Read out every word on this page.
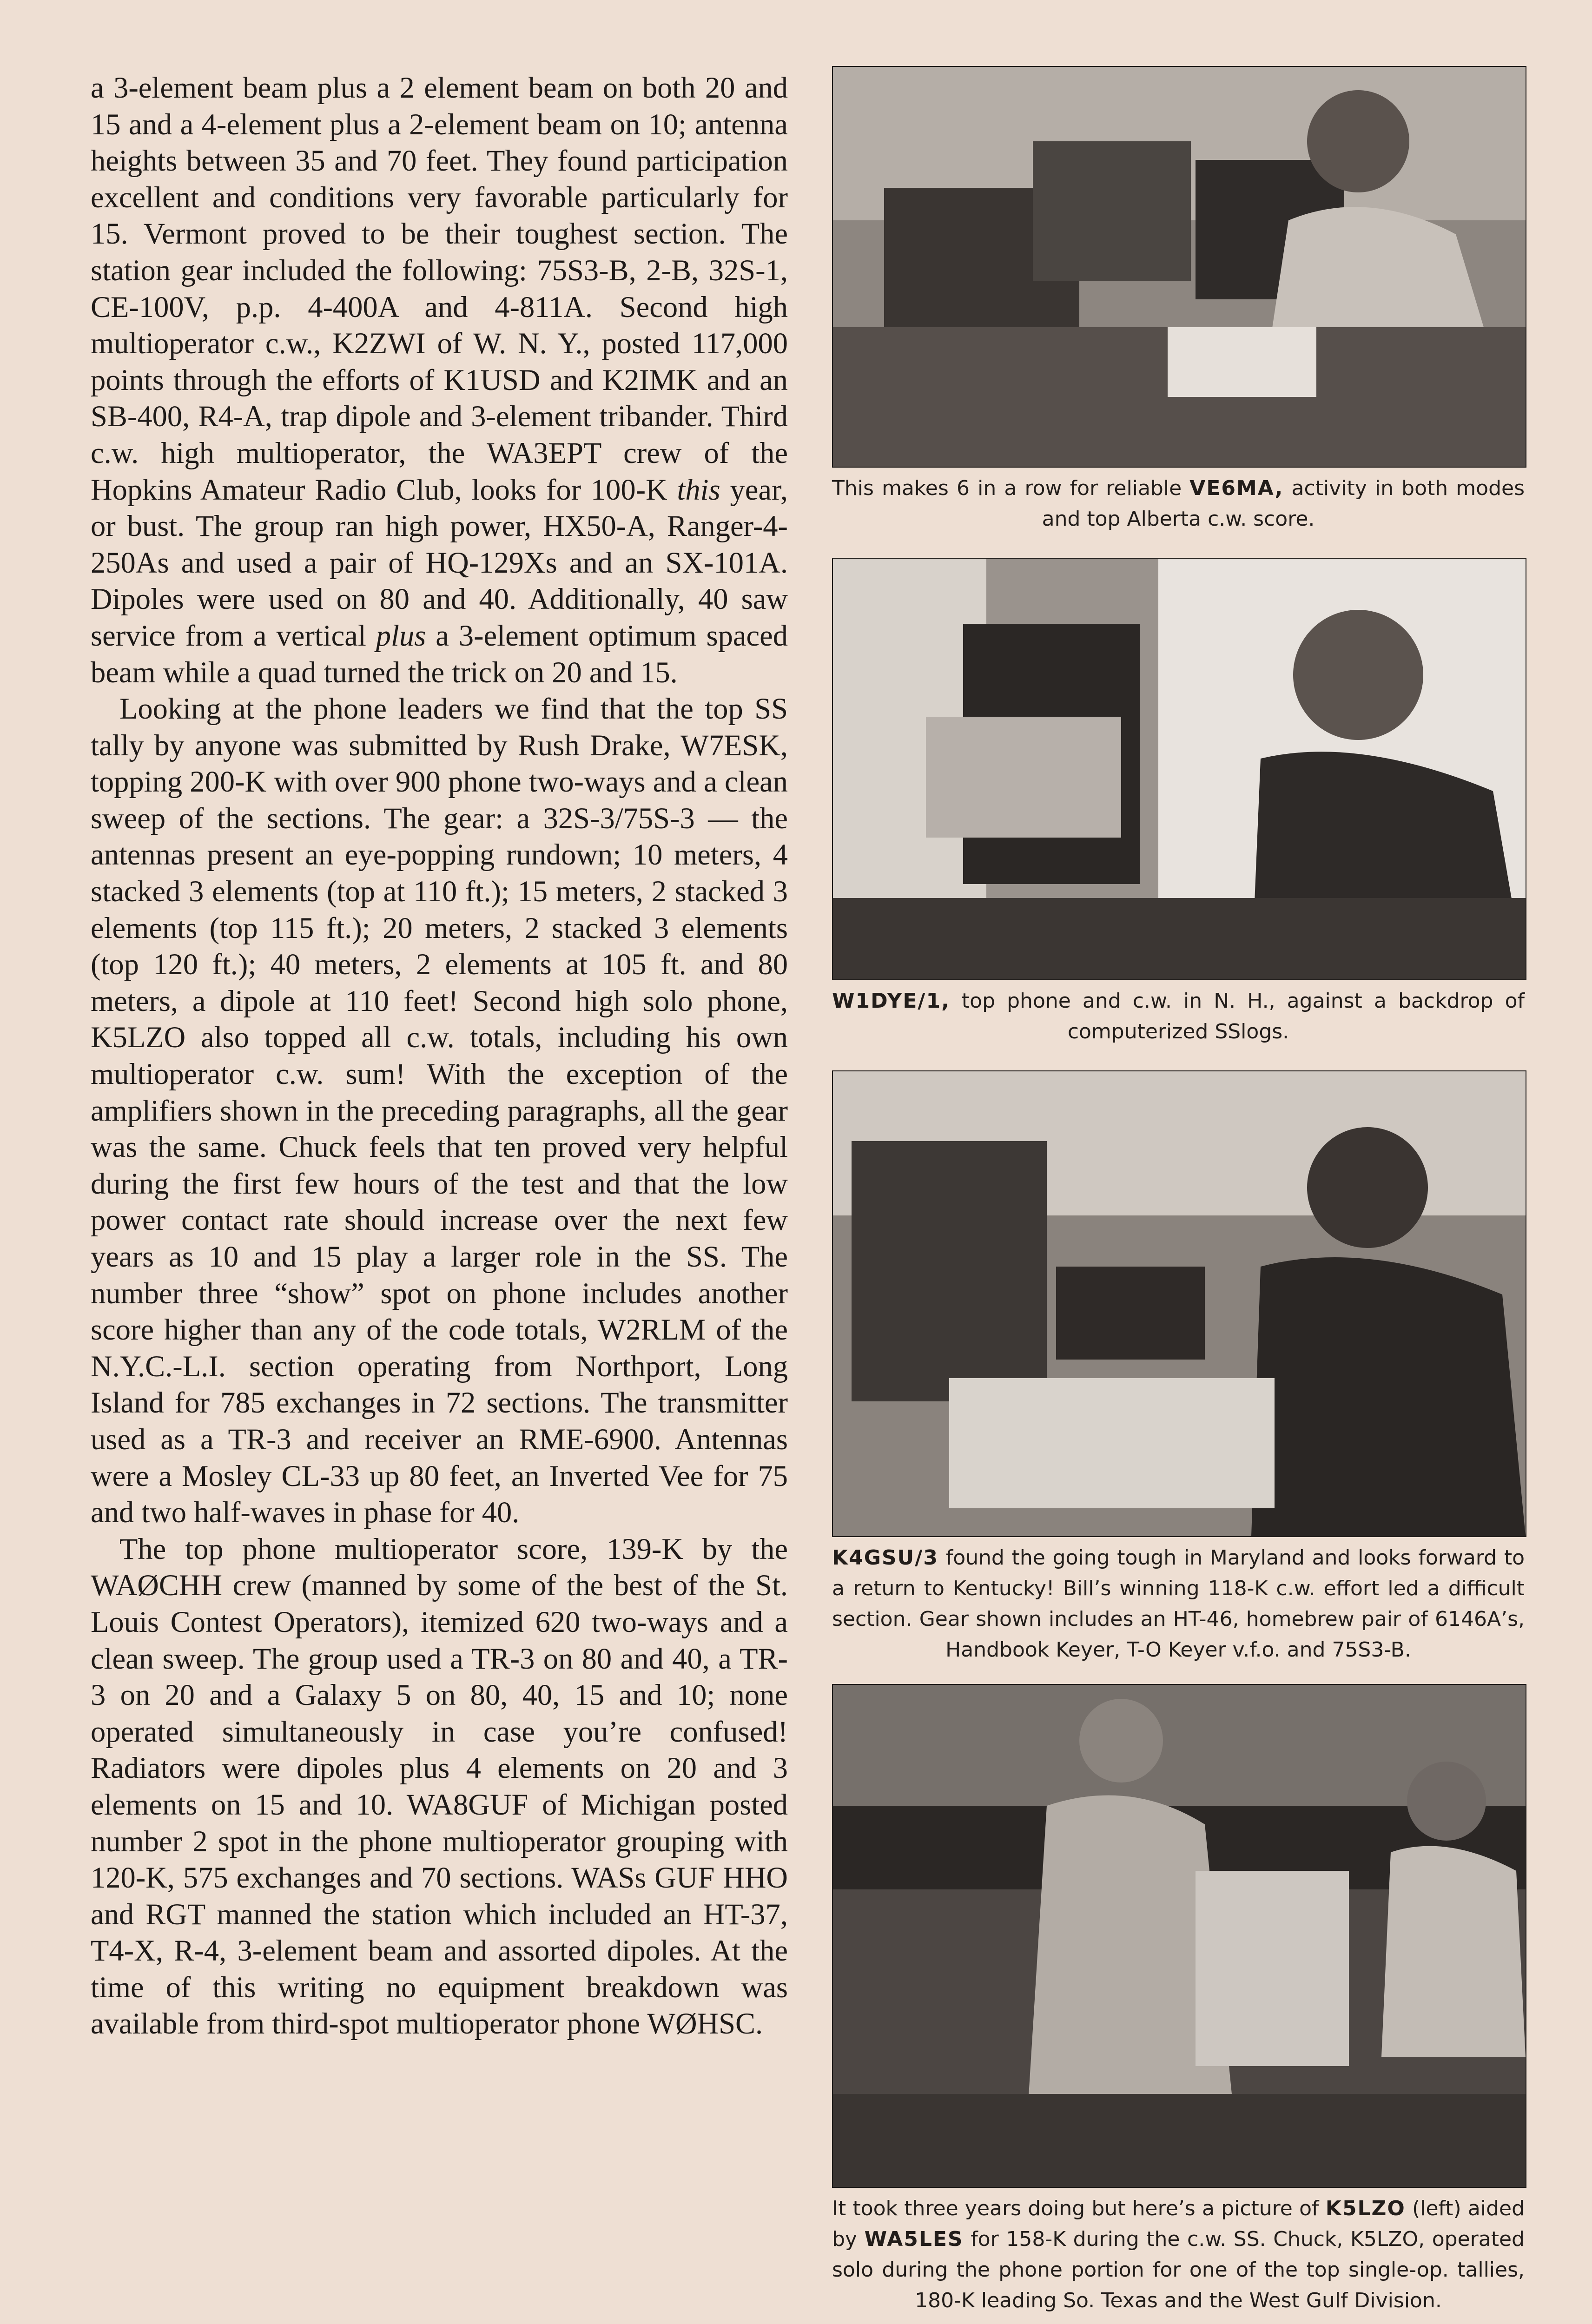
a 3-element beam plus a 2 element beam on both 20 and 15 and a 4-element plus a 2-element beam on 10; antenna heights between 35 and 70 feet. They found participation excellent and conditions very favorable particularly for 15. Vermont proved to be their toughest section. The station gear included the following: 75S3-B, 2-B, 32S-1, CE-100V, p.p. 4-400A and 4-811A. Second high multioperator c.w., K2ZWI of W. N. Y., posted 117,000 points through the efforts of K1USD and K2IMK and an SB-400, R4-A, trap dipole and 3-element tribander. Third c.w. high multioperator, the WA3EPT crew of the Hopkins Amateur Radio Club, looks for 100-K this year, or bust. The group ran high power, HX50-A, Ranger-4-250As and used a pair of HQ-129Xs and an SX-101A. Dipoles were used on 80 and 40. Additionally, 40 saw service from a vertical plus a 3-element optimum spaced beam while a quad turned the trick on 20 and 15.

Looking at the phone leaders we find that the top SS tally by anyone was submitted by Rush Drake, W7ESK, topping 200-K with over 900 phone two-ways and a clean sweep of the sections. The gear: a 32S-3/75S-3 — the antennas present an eye-popping rundown; 10 meters, 4 stacked 3 elements (top at 110 ft.); 15 meters, 2 stacked 3 elements (top 115 ft.); 20 meters, 2 stacked 3 elements (top 120 ft.); 40 meters, 2 elements at 105 ft. and 80 meters, a dipole at 110 feet! Second high solo phone, K5LZO also topped all c.w. totals, including his own multioperator c.w. sum! With the exception of the amplifiers shown in the preceding paragraphs, all the gear was the same. Chuck feels that ten proved very helpful during the first few hours of the test and that the low power contact rate should increase over the next few years as 10 and 15 play a larger role in the SS. The number three “show” spot on phone includes another score higher than any of the code totals, W2RLM of the N.Y.C.-L.I. section operating from Northport, Long Island for 785 exchanges in 72 sections. The transmitter used as a TR-3 and receiver an RME-6900. Antennas were a Mosley CL-33 up 80 feet, an Inverted Vee for 75 and two half-waves in phase for 40.

The top phone multioperator score, 139-K by the WAØCHH crew (manned by some of the best of the St. Louis Contest Operators), itemized 620 two-ways and a clean sweep. The group used a TR-3 on 80 and 40, a TR-3 on 20 and a Galaxy 5 on 80, 40, 15 and 10; none operated simultaneously in case you’re confused! Radiators were dipoles plus 4 elements on 20 and 3 elements on 15 and 10. WA8GUF of Michigan posted number 2 spot in the phone multioperator grouping with 120-K, 575 exchanges and 70 sections. WASs GUF HHO and RGT manned the station which included an HT-37, T4-X, R-4, 3-element beam and assorted dipoles. At the time of this writing no equipment breakdown was available from third-spot multioperator phone WØHSC.

This makes 6 in a row for reliable VE6MA, activity in both modes and top Alberta c.w. score.

W1DYE/1, top phone and c.w. in N. H., against a backdrop of computerized SSlogs.

K4GSU/3 found the going tough in Maryland and looks forward to a return to Kentucky! Bill’s winning 118-K c.w. effort led a difficult section. Gear shown includes an HT-46, homebrew pair of 6146A’s, Handbook Keyer, T-O Keyer v.f.o. and 75S3-B.

It took three years doing but here’s a picture of K5LZO (left) aided by WA5LES for 158-K during the c.w. SS. Chuck, K5LZO, operated solo during the phone portion for one of the top single-op. tallies, 180-K leading So. Texas and the West Gulf Division.
